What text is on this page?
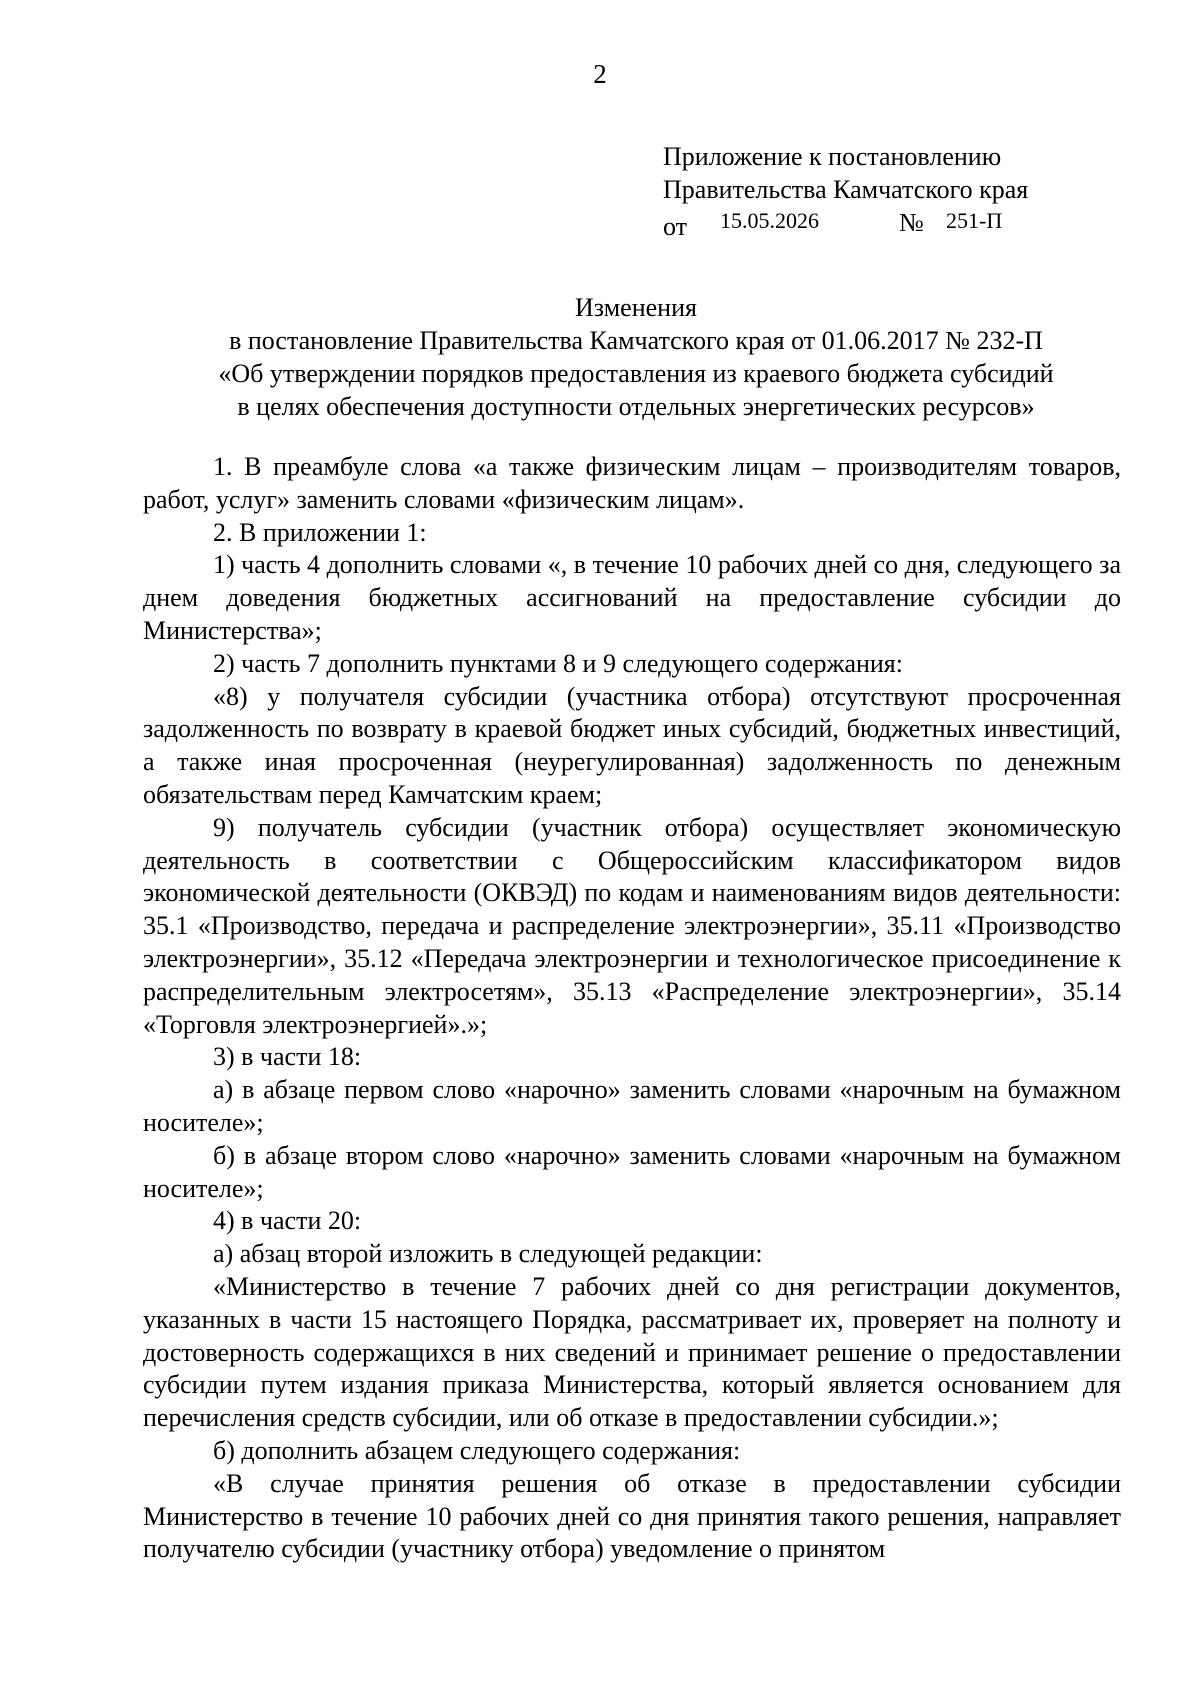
2
Приложение к постановлению
Правительства Камчатского края
от 15.05.2026	№ 251-П
Изменения
в постановление Правительства Камчатского края от 01.06.2017 № 232-П
«Об утверждении порядков предоставления из краевого бюджета субсидий
в целях обеспечения доступности отдельных энергетических ресурсов»

1. В преамбуле слова «а также физическим лицам – производителям товаров, работ, услуг» заменить словами «физическим лицам».

2. В приложении 1:

1) часть 4 дополнить словами «, в течение 10 рабочих дней со дня, следующего за днем доведения бюджетных ассигнований на предоставление субсидии до Министерства»;

2) часть 7 дополнить пунктами 8 и 9 следующего содержания:

«8) у получателя субсидии (участника отбора) отсутствуют просроченная задолженность по возврату в краевой бюджет иных субсидий, бюджетных инвестиций, а также иная просроченная (неурегулированная) задолженность по денежным обязательствам перед Камчатским краем;

9) получатель субсидии (участник отбора) осуществляет экономическую деятельность в соответствии с Общероссийским классификатором видов экономической деятельности (ОКВЭД) по кодам и наименованиям видов деятельности: 35.1 «Производство, передача и распределение электроэнергии», 35.11 «Производство электроэнергии», 35.12 «Передача электроэнергии и технологическое присоединение к распределительным электросетям», 35.13 «Распределение электроэнергии», 35.14 «Торговля электроэнергией».»;

3) в части 18:

а) в абзаце первом слово «нарочно» заменить словами «нарочным на бумажном носителе»;

б) в абзаце втором слово «нарочно» заменить словами «нарочным на бумажном носителе»;

4) в части 20:

а) абзац второй изложить в следующей редакции:

«Министерство в течение 7 рабочих дней со дня регистрации документов, указанных в части 15 настоящего Порядка, рассматривает их, проверяет на полноту и достоверность содержащихся в них сведений и принимает решение о предоставлении субсидии путем издания приказа Министерства, который является основанием для перечисления средств субсидии, или об отказе в предоставлении субсидии.»;

б) дополнить абзацем следующего содержания:

«В случае принятия решения об отказе в предоставлении субсидии Министерство в течение 10 рабочих дней со дня принятия такого решения, направляет получателю субсидии (участнику отбора) уведомление о принятом
